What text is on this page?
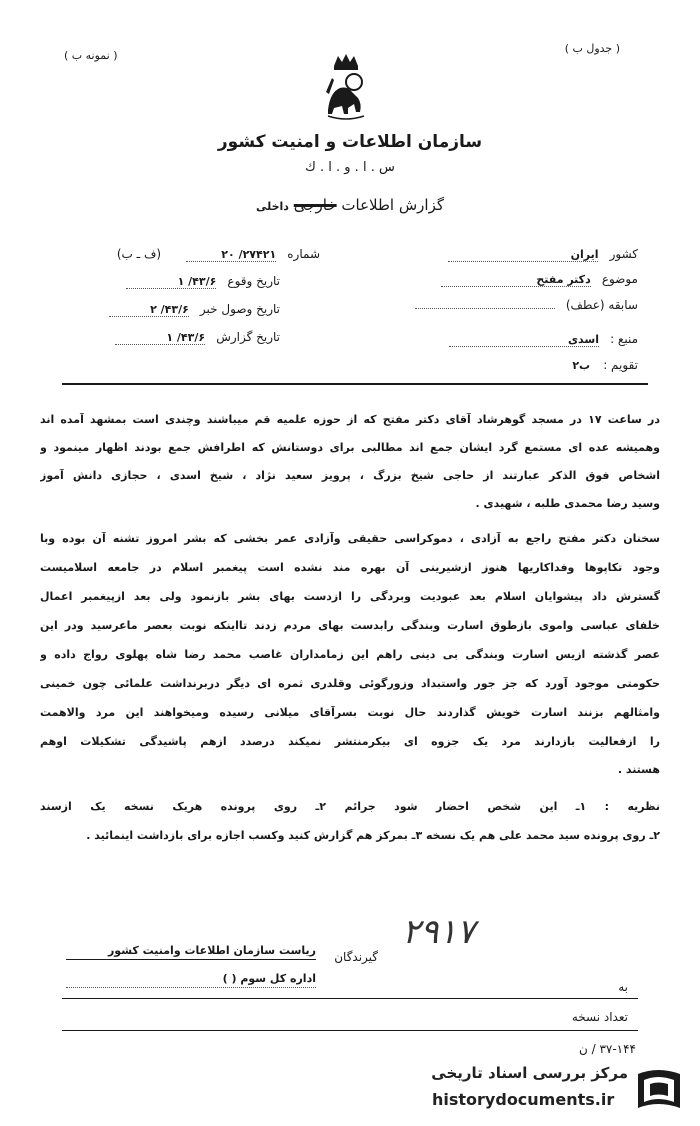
( نمونه ب )
( جدول ب )
سازمان اطلاعات و امنیت کشور
س . ا . و . ا . ك
گزارش اطلاعات خارجی داخلی
کشور ایران
موضوع دکتر مفتح
سابقه (عطف)
منبع : اسدی
تقویم : ب۲
شماره ۲۷۴۲۱/ ۲۰ (ف ـ ب)
تاریخ وقوع ۴۳/۶/ ۱
تاریخ وصول خبر ۴۳/۶/ ۲
تاریخ گزارش ۴۳/۶/ ۱
در ساعت ۱۷ در مسجد گوهرشاد آقای دکتر مفتح که از حوزه علمیه قم میباشند وچندی است بمشهد آمده اند
وهمیشه عده ای مستمع گرد ایشان جمع اند مطالبی برای دوستانش که اطرافش جمع بودند اظهار مینمود و
اشخاص فوق الذکر عبارتند از حاجی شیخ بزرگ ، پرویز سعید نژاد ، شیخ اسدی ، حجازی دانش آموز
وسید رضا محمدی طلبه ، شهیدی .
سخنان دکتر مفتح راجع به آزادی ، دموکراسی حقیقی وآزادی عمر بخشی که بشر امروز تشنه آن بوده وبا
وجود تکاپوها وفداکاریها هنوز ازشیرینی آن بهره مند نشده است پیغمبر اسلام در جامعه اسلامیست
گسترش داد پیشوایان اسلام بعد عبودیت وبردگی را ازدست بهای بشر بازنمود ولی بعد ازپیغمبر اعمال
خلفای عباسی واموی بازطوق اسارت وبندگی رابدست بهای مردم زدند تااینکه نوبت بعصر ماعرسید ودر این
عصر گذشته ازیس اسارت وبندگی بی دینی راهم این زمامداران غاصب محمد رضا شاه پهلوی رواج داده و
حکومتی موجود آورد که جز جور واستبداد وزورگوئی وقلدری ثمره ای دیگر دربرنداشت علمائی چون خمینی
وامثالهم بزنند اسارت خویش گذاردند حال نوبت بسرآقای میلانی رسیده ومیخواهند این مرد والاهمت
را ازفعالیت بازدارند مرد یک جزوه ای بیکرمنتشر نمیکند درصدد ازهم پاشیدگی تشکیلات اوهم
هستند .
نظریه : ۱ـ این شخص احضار شود جرائم ۲ـ روی پرونده هریک نسخه یک ازسند
۲ـ روی پرونده سید محمد علی هم یک نسخه ۳ـ بمرکز هم گزارش کنید وکسب اجازه برای بازداشت اینمائید .
۲۹۱۷
گیرندگان
ریاست سازمان اطلاعات وامنیت کشور
اداره کل سوم ( )
به
تعداد نسخه
۳۷-۱۴۴ / ن
مرکز بررسی اسناد تاریخی
historydocuments.ir
